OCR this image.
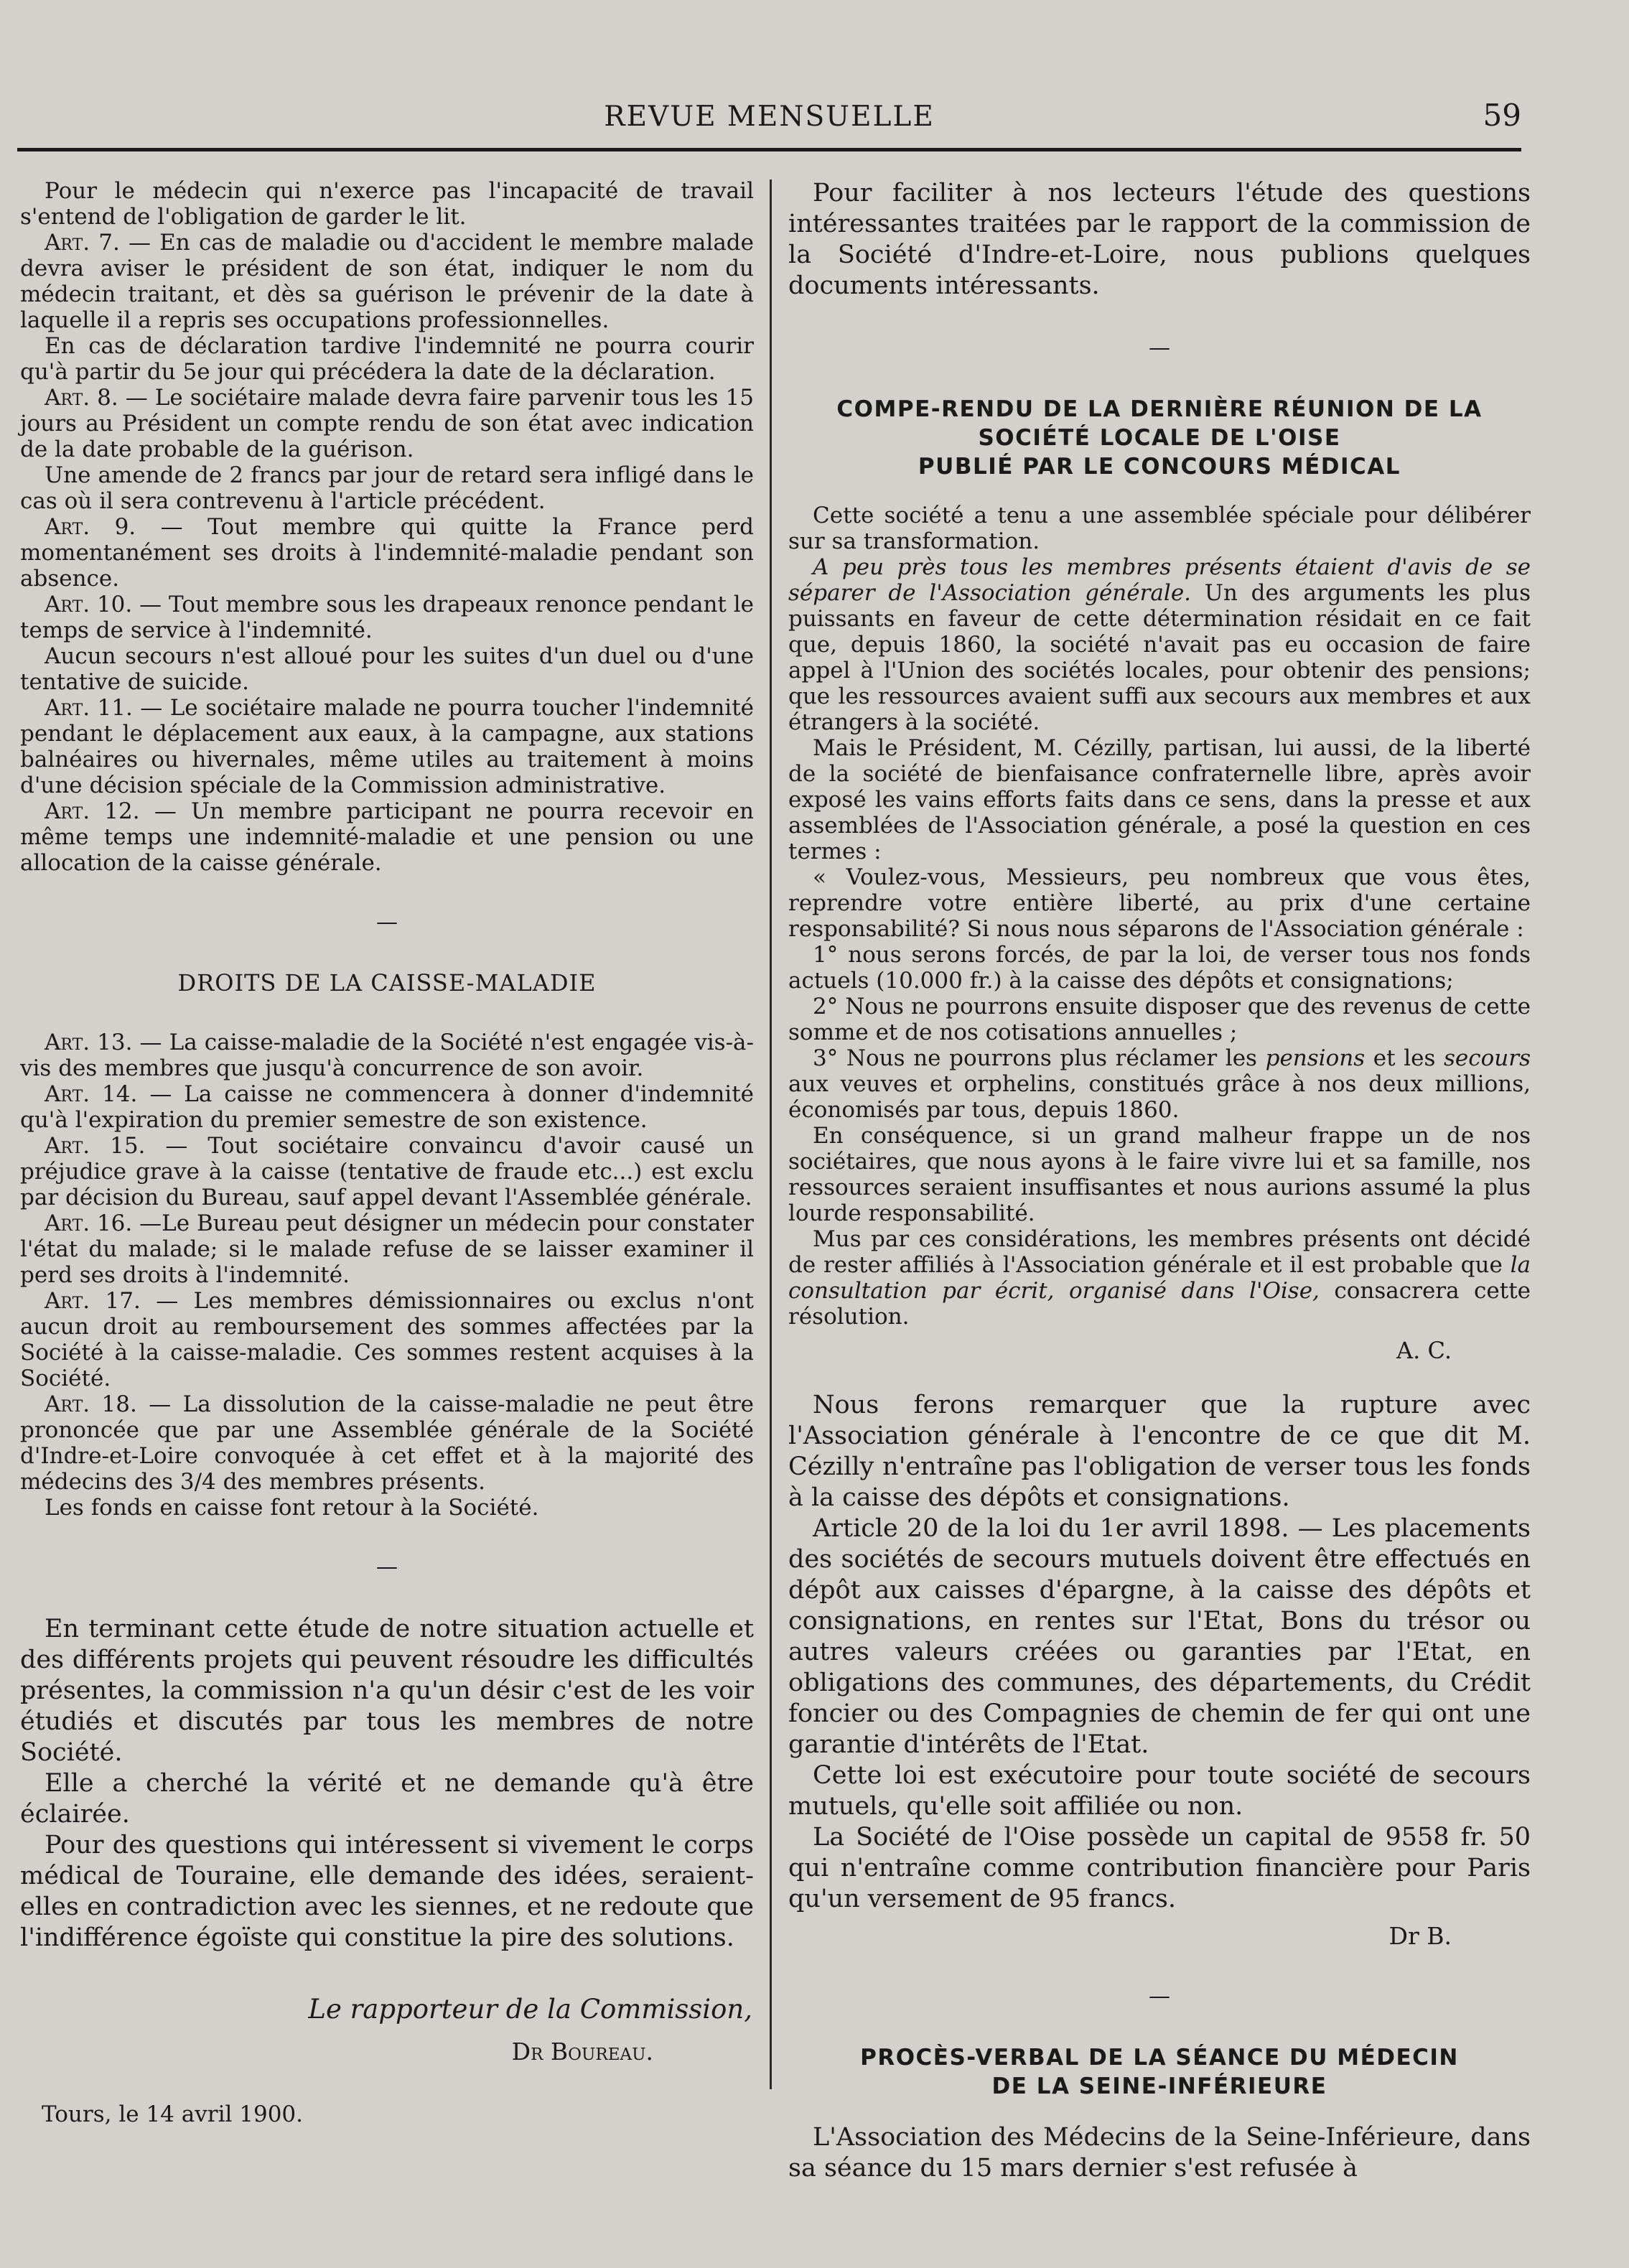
REVUE MENSUELLE	59

Pour le médecin qui n'exerce pas l'incapacité de travail s'entend de l'obligation de garder le lit.

Art. 7. — En cas de maladie ou d'accident le membre malade devra aviser le président de son état, indiquer le nom du médecin traitant, et dès sa guérison le prévenir de la date à laquelle il a repris ses occupations professionnelles.

En cas de déclaration tardive l'indemnité ne pourra courir qu'à partir du 5e jour qui précédera la date de la déclaration.

Art. 8. — Le sociétaire malade devra faire parvenir tous les 15 jours au Président un compte rendu de son état avec indication de la date probable de la guérison.

Une amende de 2 francs par jour de retard sera infligé dans le cas où il sera contrevenu à l'article précédent.

Art. 9. — Tout membre qui quitte la France perd momentanément ses droits à l'indemnité-maladie pendant son absence.

Art. 10. — Tout membre sous les drapeaux renonce pendant le temps de service à l'indemnité.

Aucun secours n'est alloué pour les suites d'un duel ou d'une tentative de suicide.

Art. 11. — Le sociétaire malade ne pourra toucher l'indemnité pendant le déplacement aux eaux, à la campagne, aux stations balnéaires ou hivernales, même utiles au traitement à moins d'une décision spéciale de la Commission administrative.

Art. 12. — Un membre participant ne pourra recevoir en même temps une indemnité-maladie et une pension ou une allocation de la caisse générale.

—
DROITS DE LA CAISSE-MALADIE

Art. 13. — La caisse-maladie de la Société n'est engagée vis-à-vis des membres que jusqu'à concurrence de son avoir.

Art. 14. — La caisse ne commencera à donner d'indemnité qu'à l'expiration du premier semestre de son existence.

Art. 15. — Tout sociétaire convaincu d'avoir causé un préjudice grave à la caisse (tentative de fraude etc...) est exclu par décision du Bureau, sauf appel devant l'Assemblée générale.

Art. 16. —Le Bureau peut désigner un médecin pour constater l'état du malade; si le malade refuse de se laisser examiner il perd ses droits à l'indemnité.

Art. 17. — Les membres démissionnaires ou exclus n'ont aucun droit au remboursement des sommes affectées par la Société à la caisse-maladie. Ces sommes restent acquises à la Société.

Art. 18. — La dissolution de la caisse-maladie ne peut être prononcée que par une Assemblée générale de la Société d'Indre-et-Loire convoquée à cet effet et à la majorité des médecins des 3/4 des membres présents.

Les fonds en caisse font retour à la Société.

—

En terminant cette étude de notre situation actuelle et des différents projets qui peuvent résoudre les difficultés présentes, la commission n'a qu'un désir c'est de les voir étudiés et discutés par tous les membres de notre Société.

Elle a cherché la vérité et ne demande qu'à être éclairée.

Pour des questions qui intéressent si vivement le corps médical de Touraine, elle demande des idées, seraient-elles en contradiction avec les siennes, et ne redoute que l'indifférence égoïste qui constitue la pire des solutions.

Le rapporteur de la Commission,
Dr Boureau.
Tours, le 14 avril 1900.

Pour faciliter à nos lecteurs l'étude des questions intéressantes traitées par le rapport de la commission de la Société d'Indre-et-Loire, nous publions quelques documents intéressants.

—
COMPE-RENDU DE LA DERNIÈRE RÉUNION DE LA
SOCIÉTÉ LOCALE DE L'OISE
PUBLIÉ PAR LE CONCOURS MÉDICAL

Cette société a tenu a une assemblée spéciale pour délibérer sur sa transformation.

A peu près tous les membres présents étaient d'avis de se séparer de l'Association générale. Un des arguments les plus puissants en faveur de cette détermination résidait en ce fait que, depuis 1860, la société n'avait pas eu occasion de faire appel à l'Union des sociétés locales, pour obtenir des pensions; que les ressources avaient suffi aux secours aux membres et aux étrangers à la société.

Mais le Président, M. Cézilly, partisan, lui aussi, de la liberté de la société de bienfaisance confraternelle libre, après avoir exposé les vains efforts faits dans ce sens, dans la presse et aux assemblées de l'Association générale, a posé la question en ces termes :

« Voulez-vous, Messieurs, peu nombreux que vous êtes, reprendre votre entière liberté, au prix d'une certaine responsabilité? Si nous nous séparons de l'Association générale :

1° nous serons forcés, de par la loi, de verser tous nos fonds actuels (10.000 fr.) à la caisse des dépôts et consignations;

2° Nous ne pourrons ensuite disposer que des revenus de cette somme et de nos cotisations annuelles ;

3° Nous ne pourrons plus réclamer les pensions et les secours aux veuves et orphelins, constitués grâce à nos deux millions, économisés par tous, depuis 1860.

En conséquence, si un grand malheur frappe un de nos sociétaires, que nous ayons à le faire vivre lui et sa famille, nos ressources seraient insuffisantes et nous aurions assumé la plus lourde responsabilité.

Mus par ces considérations, les membres présents ont décidé de rester affiliés à l'Association générale et il est probable que la consultation par écrit, organisé dans l'Oise, consacrera cette résolution.

A. C.

Nous ferons remarquer que la rupture avec l'Association générale à l'encontre de ce que dit M. Cézilly n'entraîne pas l'obligation de verser tous les fonds à la caisse des dépôts et consignations.

Article 20 de la loi du 1er avril 1898. — Les placements des sociétés de secours mutuels doivent être effectués en dépôt aux caisses d'épargne, à la caisse des dépôts et consignations, en rentes sur l'Etat, Bons du trésor ou autres valeurs créées ou garanties par l'Etat, en obligations des communes, des départements, du Crédit foncier ou des Compagnies de chemin de fer qui ont une garantie d'intérêts de l'Etat.

Cette loi est exécutoire pour toute société de secours mutuels, qu'elle soit affiliée ou non.

La Société de l'Oise possède un capital de 9558 fr. 50 qui n'entraîne comme contribution financière pour Paris qu'un versement de 95 francs.

Dr B.
—
PROCÈS-VERBAL DE LA SÉANCE DU MÉDECIN
DE LA SEINE-INFÉRIEURE

L'Association des Médecins de la Seine-Inférieure, dans sa séance du 15 mars dernier s'est refusée à
